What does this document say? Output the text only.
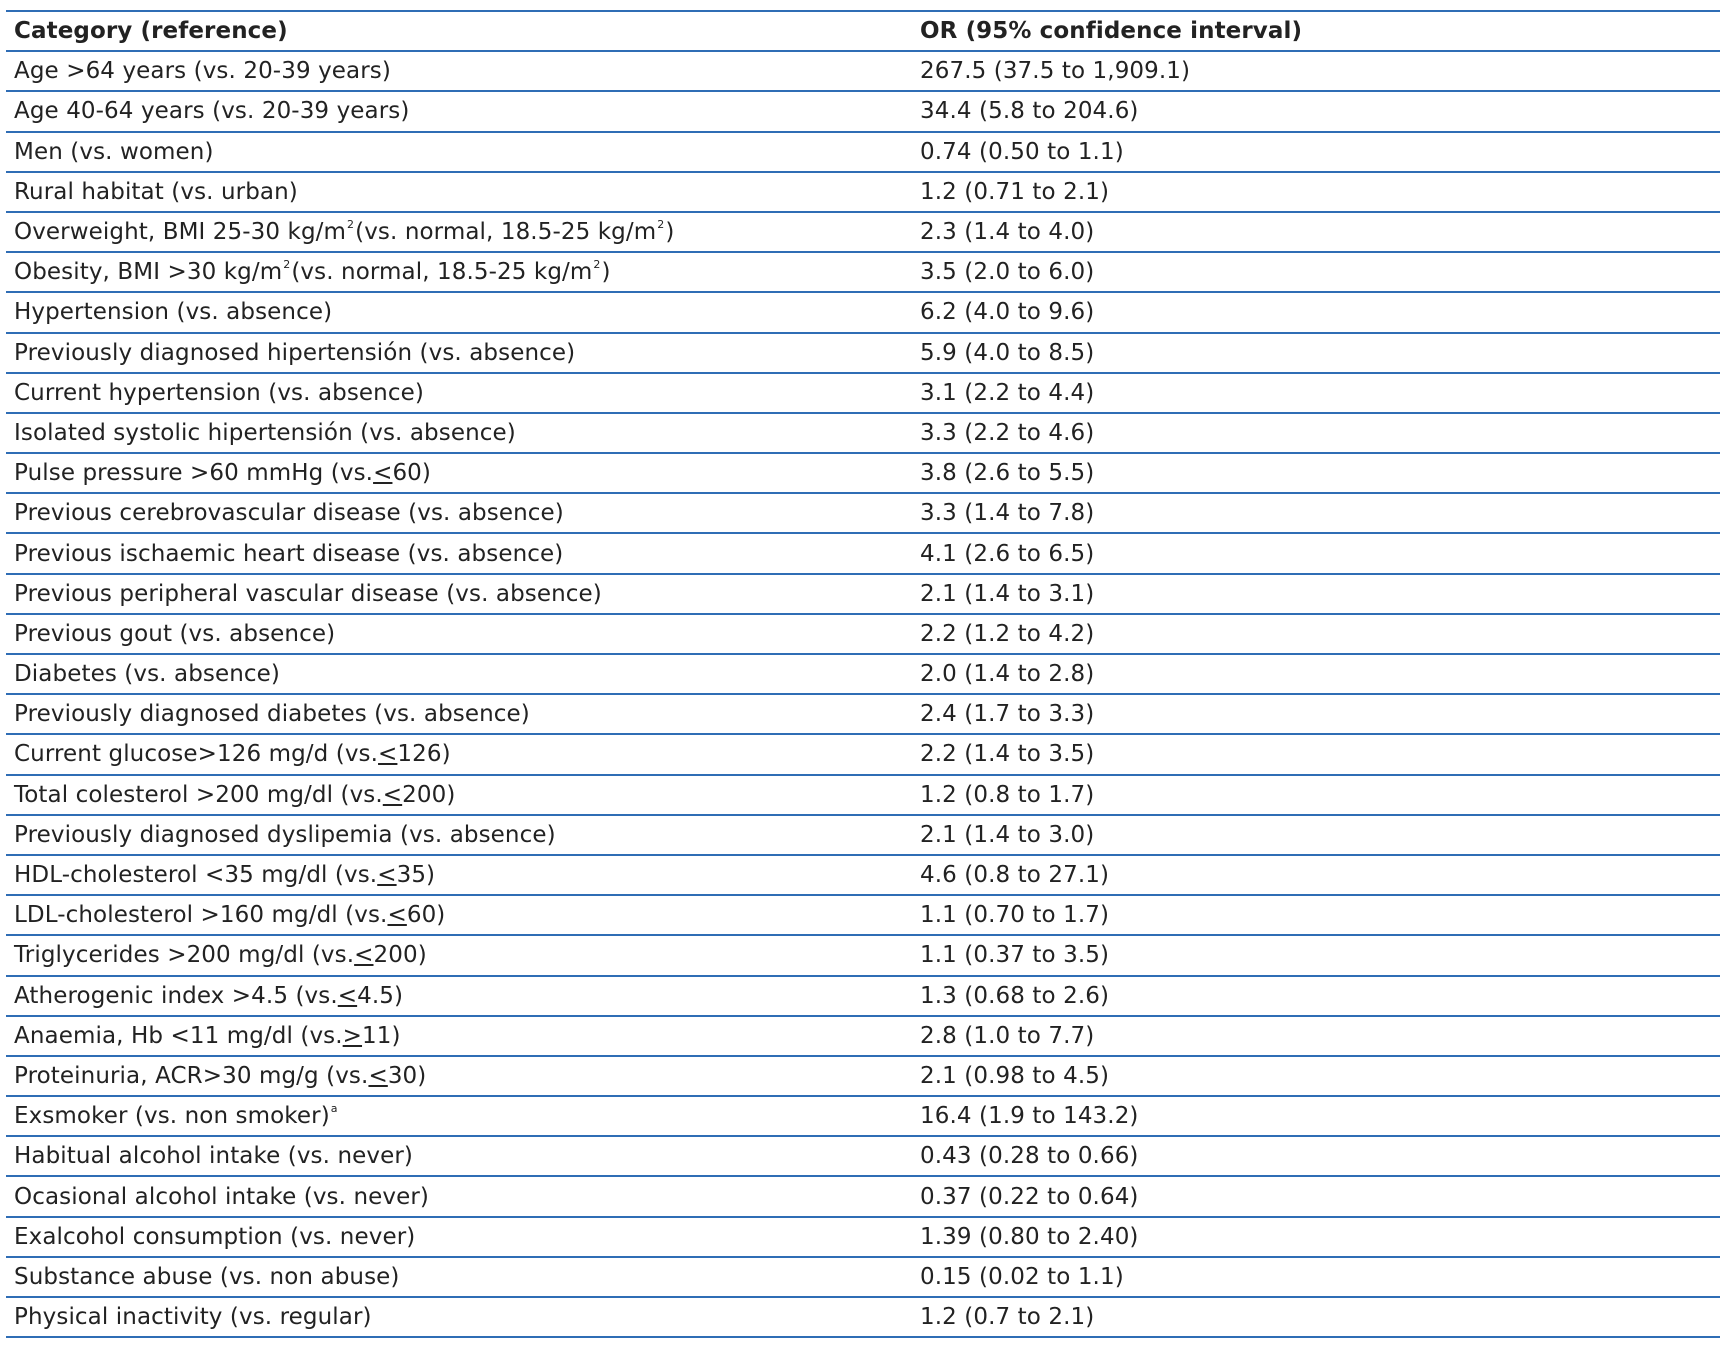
Category (reference)	OR (95% confidence interval)
Age >64 years (vs. 20-39 years)	267.5 (37.5 to 1,909.1)
Age 40-64 years (vs. 20-39 years)	34.4 (5.8 to 204.6)
Men (vs. women)	0.74 (0.50 to 1.1)
Rural habitat (vs. urban)	1.2 (0.71 to 2.1)
Overweight, BMI 25-30 kg/m 2 (vs. normal, 18.5-25 kg/m 2 )	2.3 (1.4 to 4.0)
Obesity, BMI >30 kg/m 2 (vs. normal, 18.5-25 kg/m 2 )	3.5 (2.0 to 6.0)
Hypertension (vs. absence)	6.2 (4.0 to 9.6)
Previously diagnosed hipertensión (vs. absence)	5.9 (4.0 to 8.5)
Current hypertension (vs. absence)	3.1 (2.2 to 4.4)
Isolated systolic hipertensión (vs. absence)	3.3 (2.2 to 4.6)
Pulse pressure >60 mmHg (vs. < 60)	3.8 (2.6 to 5.5)
Previous cerebrovascular disease (vs. absence)	3.3 (1.4 to 7.8)
Previous ischaemic heart disease (vs. absence)	4.1 (2.6 to 6.5)
Previous peripheral vascular disease (vs. absence)	2.1 (1.4 to 3.1)
Previous gout (vs. absence)	2.2 (1.2 to 4.2)
Diabetes (vs. absence)	2.0 (1.4 to 2.8)
Previously diagnosed diabetes (vs. absence)	2.4 (1.7 to 3.3)
Current glucose>126 mg/d (vs. < 126)	2.2 (1.4 to 3.5)
Total colesterol >200 mg/dl (vs. < 200)	1.2 (0.8 to 1.7)
Previously diagnosed dyslipemia (vs. absence)	2.1 (1.4 to 3.0)
HDL-cholesterol <35 mg/dl (vs. < 35)	4.6 (0.8 to 27.1)
LDL-cholesterol >160 mg/dl (vs. < 60)	1.1 (0.70 to 1.7)
Triglycerides >200 mg/dl (vs. < 200)	1.1 (0.37 to 3.5)
Atherogenic index >4.5 (vs. < 4.5)	1.3 (0.68 to 2.6)
Anaemia, Hb <11 mg/dl (vs. > 11)	2.8 (1.0 to 7.7)
Proteinuria, ACR>30 mg/g (vs. < 30)	2.1 (0.98 to 4.5)
Exsmoker (vs. non smoker) a	16.4 (1.9 to 143.2)
Habitual alcohol intake (vs. never)	0.43 (0.28 to 0.66)
Ocasional alcohol intake (vs. never)	0.37 (0.22 to 0.64)
Exalcohol consumption (vs. never)	1.39 (0.80 to 2.40)
Substance abuse (vs. non abuse)	0.15 (0.02 to 1.1)
Physical inactivity (vs. regular)	1.2 (0.7 to 2.1)
